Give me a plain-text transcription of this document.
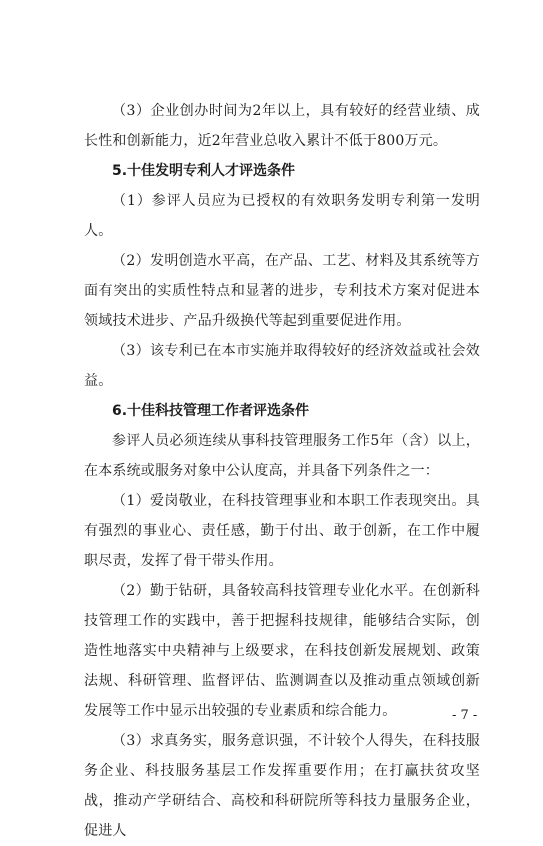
（3）企业创办时间为2年以上，具有较好的经营业绩、成长性和创新能力，近2年营业总收入累计不低于800万元。

5.十佳发明专利人才评选条件

（1）参评人员应为已授权的有效职务发明专利第一发明人。

（2）发明创造水平高，在产品、工艺、材料及其系统等方面有突出的实质性特点和显著的进步，专利技术方案对促进本领域技术进步、产品升级换代等起到重要促进作用。

（3）该专利已在本市实施并取得较好的经济效益或社会效益。

6.十佳科技管理工作者评选条件

参评人员必须连续从事科技管理服务工作5年（含）以上，在本系统或服务对象中公认度高，并具备下列条件之一：

（1）爱岗敬业，在科技管理事业和本职工作表现突出。具有强烈的事业心、责任感，勤于付出、敢于创新，在工作中履职尽责，发挥了骨干带头作用。

（2）勤于钻研，具备较高科技管理专业化水平。在创新科技管理工作的实践中，善于把握科技规律，能够结合实际，创造性地落实中央精神与上级要求，在科技创新发展规划、政策法规、科研管理、监督评估、监测调查以及推动重点领域创新发展等工作中显示出较强的专业素质和综合能力。

（3）求真务实，服务意识强，不计较个人得失，在科技服务企业、科技服务基层工作发挥重要作用；在打赢扶贫攻坚战，推动产学研结合、高校和科研院所等科技力量服务企业，促进人

- 7 -
